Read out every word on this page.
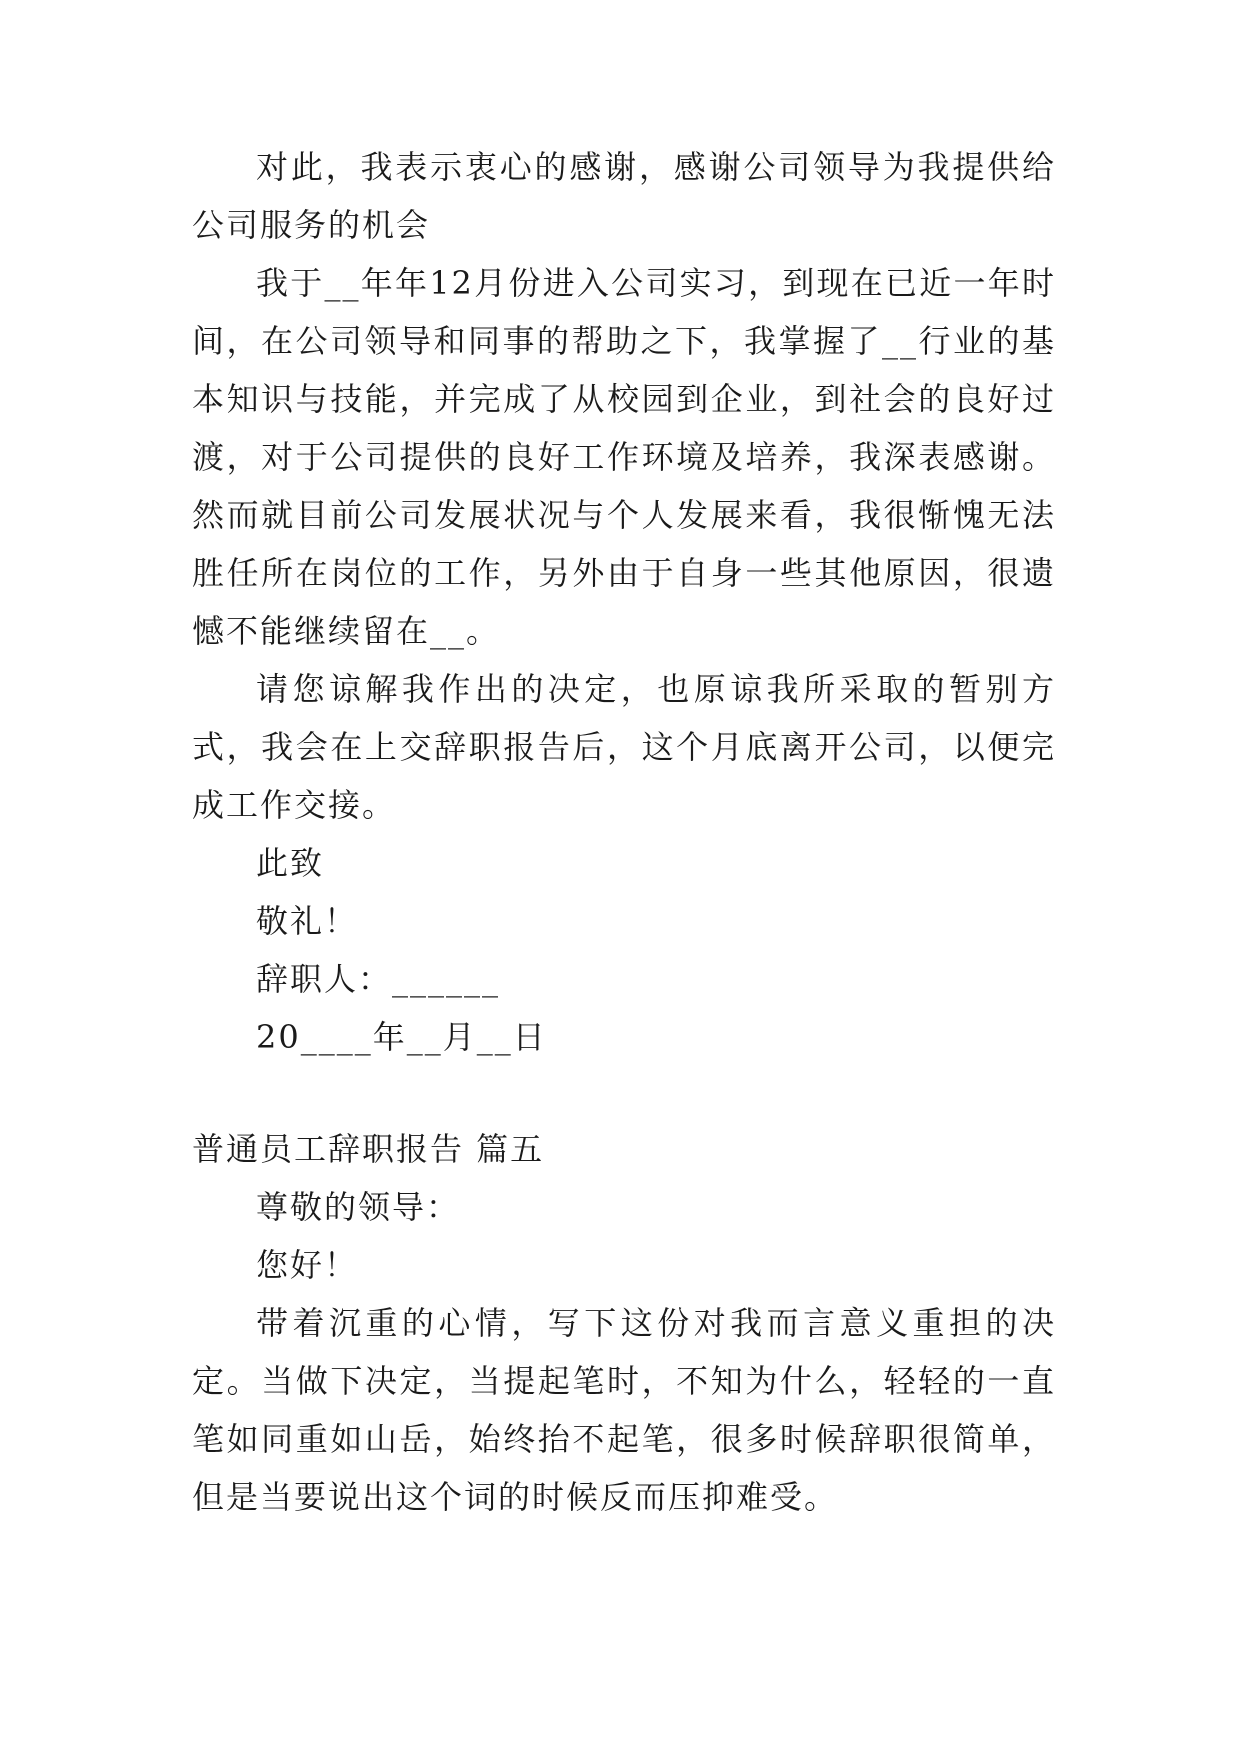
对此，我表示衷心的感谢，感谢公司领导为我提供给公司服务的机会

我于__年年12月份进入公司实习，到现在已近一年时间，在公司领导和同事的帮助之下，我掌握了__行业的基本知识与技能，并完成了从校园到企业，到社会的良好过渡，对于公司提供的良好工作环境及培养，我深表感谢。然而就目前公司发展状况与个人发展来看，我很惭愧无法胜任所在岗位的工作，另外由于自身一些其他原因，很遗憾不能继续留在__。

请您谅解我作出的决定，也原谅我所采取的暂别方式，我会在上交辞职报告后，这个月底离开公司，以便完成工作交接。

此致

敬礼！

辞职人：______

20____年__月__日

普通员工辞职报告 篇五

尊敬的领导：

您好！

带着沉重的心情，写下这份对我而言意义重担的决定。当做下决定，当提起笔时，不知为什么，轻轻的一直笔如同重如山岳，始终抬不起笔，很多时候辞职很简单，但是当要说出这个词的时候反而压抑难受。
